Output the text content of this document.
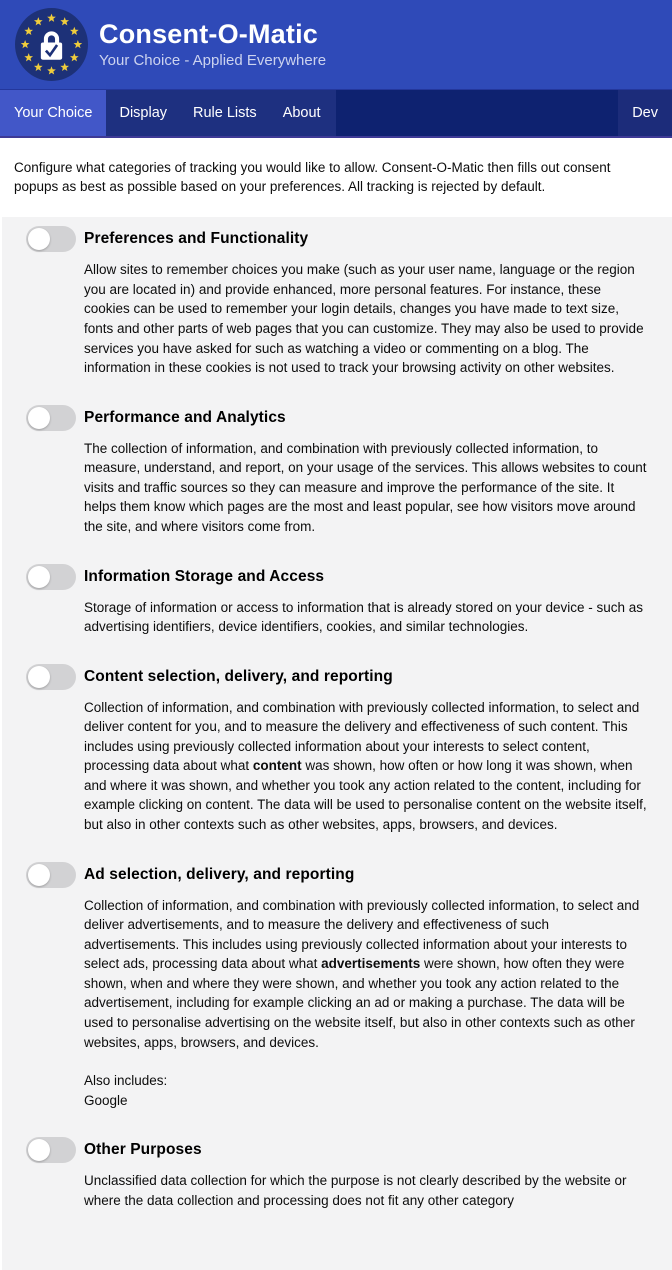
Consent-O-Matic
Your Choice - Applied Everywhere
Your Choice	Display	Rule Lists	About	Dev

Configure what categories of tracking you would like to allow. Consent-O-Matic then fills out consent popups as best as possible based on your preferences. All tracking is rejected by default.

Preferences and Functionality

Allow sites to remember choices you make (such as your user name, language or the region you are located in) and provide enhanced, more personal features. For instance, these cookies can be used to remember your login details, changes you have made to text size, fonts and other parts of web pages that you can customize. They may also be used to provide services you have asked for such as watching a video or commenting on a blog. The information in these cookies is not used to track your browsing activity on other websites.

Performance and Analytics

The collection of information, and combination with previously collected information, to measure, understand, and report, on your usage of the services. This allows websites to count visits and traffic sources so they can measure and improve the performance of the site. It helps them know which pages are the most and least popular, see how visitors move around the site, and where visitors come from.

Information Storage and Access

Storage of information or access to information that is already stored on your device - such as advertising identifiers, device identifiers, cookies, and similar technologies.

Content selection, delivery, and reporting

Collection of information, and combination with previously collected information, to select and deliver content for you, and to measure the delivery and effectiveness of such content. This includes using previously collected information about your interests to select content, processing data about what content was shown, how often or how long it was shown, when and where it was shown, and whether you took any action related to the content, including for example clicking on content. The data will be used to personalise content on the website itself, but also in other contexts such as other websites, apps, browsers, and devices.

Ad selection, delivery, and reporting

Collection of information, and combination with previously collected information, to select and deliver advertisements, and to measure the delivery and effectiveness of such advertisements. This includes using previously collected information about your interests to select ads, processing data about what advertisements were shown, how often they were shown, when and where they were shown, and whether you took any action related to the advertisement, including for example clicking an ad or making a purchase. The data will be used to personalise advertising on the website itself, but also in other contexts such as other websites, apps, browsers, and devices.

Also includes:
Google
Other Purposes

Unclassified data collection for which the purpose is not clearly described by the website or where the data collection and processing does not fit any other category
